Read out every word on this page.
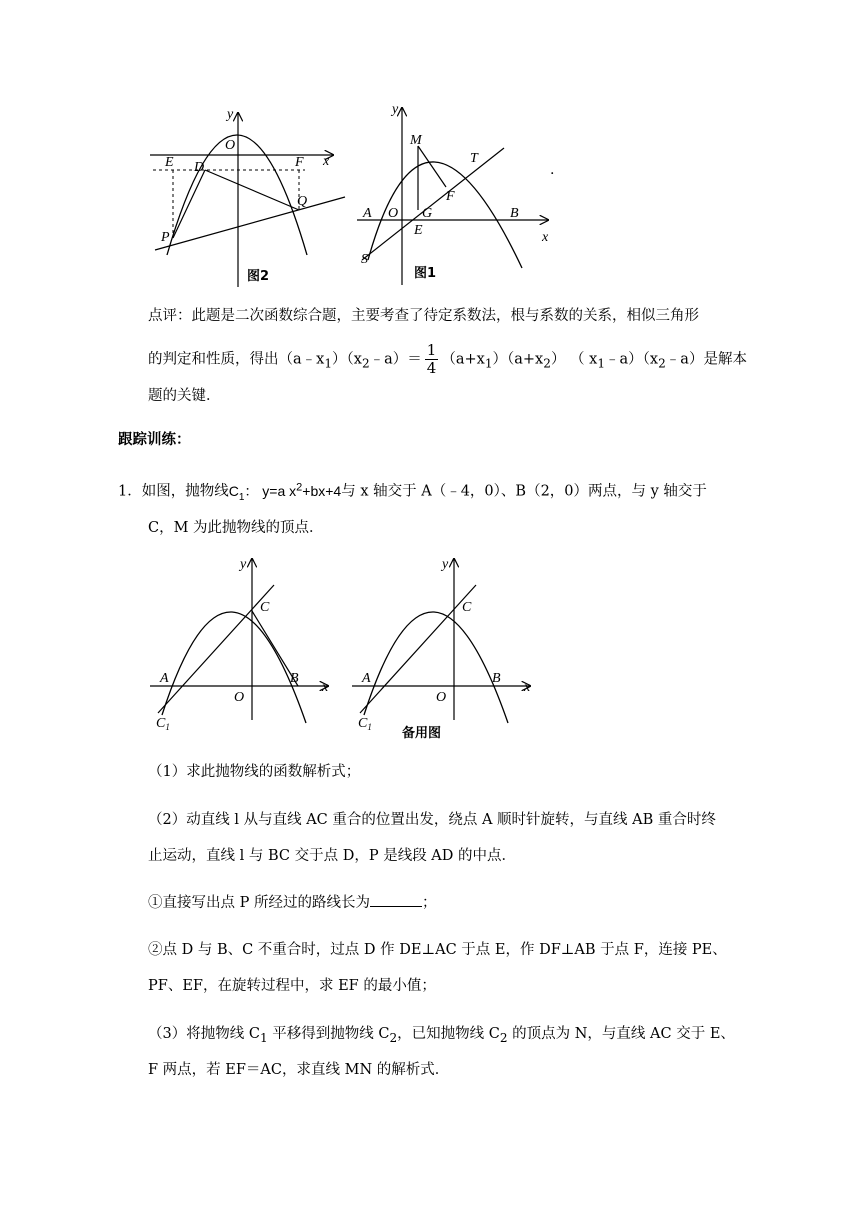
y
O
x
E D	F
Q
P
图2
y
M
T
F
A O G	B
E	x
S
图1
.
点评：此题是二次函数综合题，主要考查了待定系数法，根与系数的关系，相似三角形
的判定和性质，得出$(a﹣x_1)(x_2﹣a)= \frac{1}{4} (a+x_1)(a+x_2)$ （ $x_1﹣a)(x_2﹣a)$是解本
题的关键．
跟踪训练：
1．如图，抛物线$C_1$： y=a $x^2+bx+4$与 x 轴交于 A（﹣4，0）、B（2，0）两点，与 y 轴交于
C，M 为此抛物线的顶点．
y
C
A
O
B
x
$C_1$
y
C
A
O
B
x
$C_1$ 备用图
（1）求此抛物线的函数解析式；
（2）动直线 l 从与直线 AC 重合的位置出发，绕点 A 顺时针旋转，与直线 AB 重合时终
止运动，直线 l 与 BC 交于点 D，P 是线段 AD 的中点．
①直接写出点 P 所经过的路线长为	；
②点 D 与 B、C 不重合时，过点 D 作 DE⊥AC 于点 E，作 DF⊥AB 于点 F，连接 PE、
PF、EF，在旋转过程中，求 EF 的最小值；
（3）将抛物线 $C_1$ 平移得到抛物线 $C_2$，已知抛物线 $C_2$ 的顶点为 N，与直线 AC 交于 E、
F 两点，若 EF＝AC，求直线 MN 的解析式．
